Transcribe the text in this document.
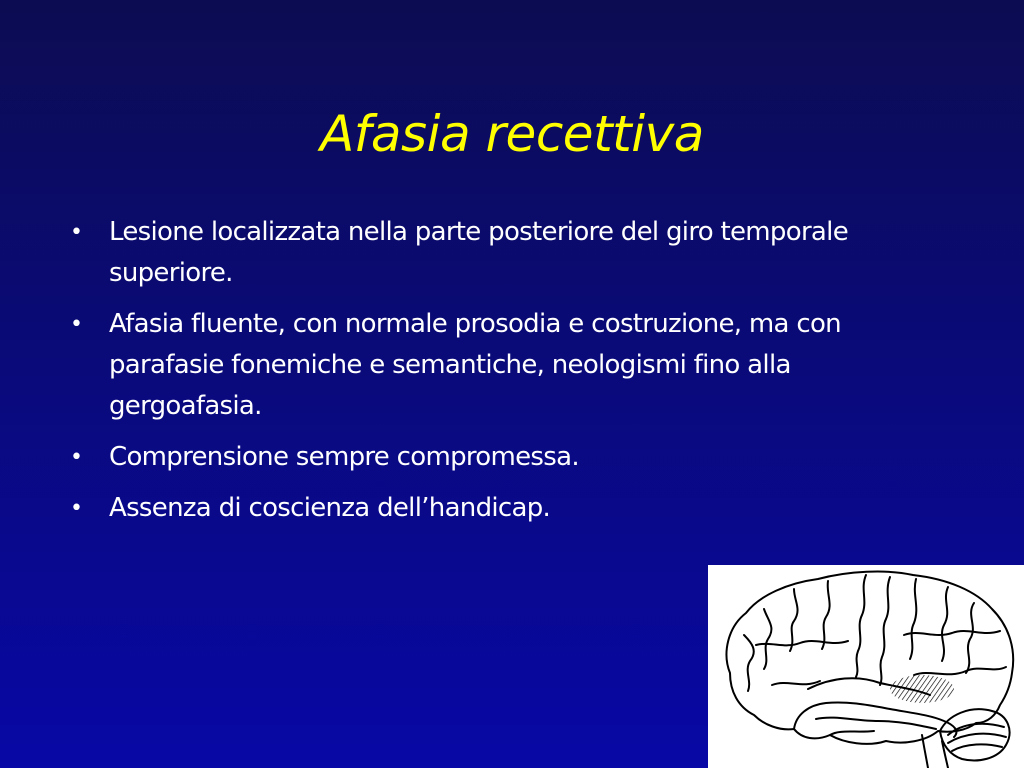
Afasia recettiva
• Lesione localizzata nella parte posteriore del giro temporale superiore.
• Afasia fluente, con normale prosodia e costruzione, ma con parafasie fonemiche e semantiche, neologismi fino alla gergoafasia.
• Comprensione sempre compromessa.
• Assenza di coscienza dell’handicap.
